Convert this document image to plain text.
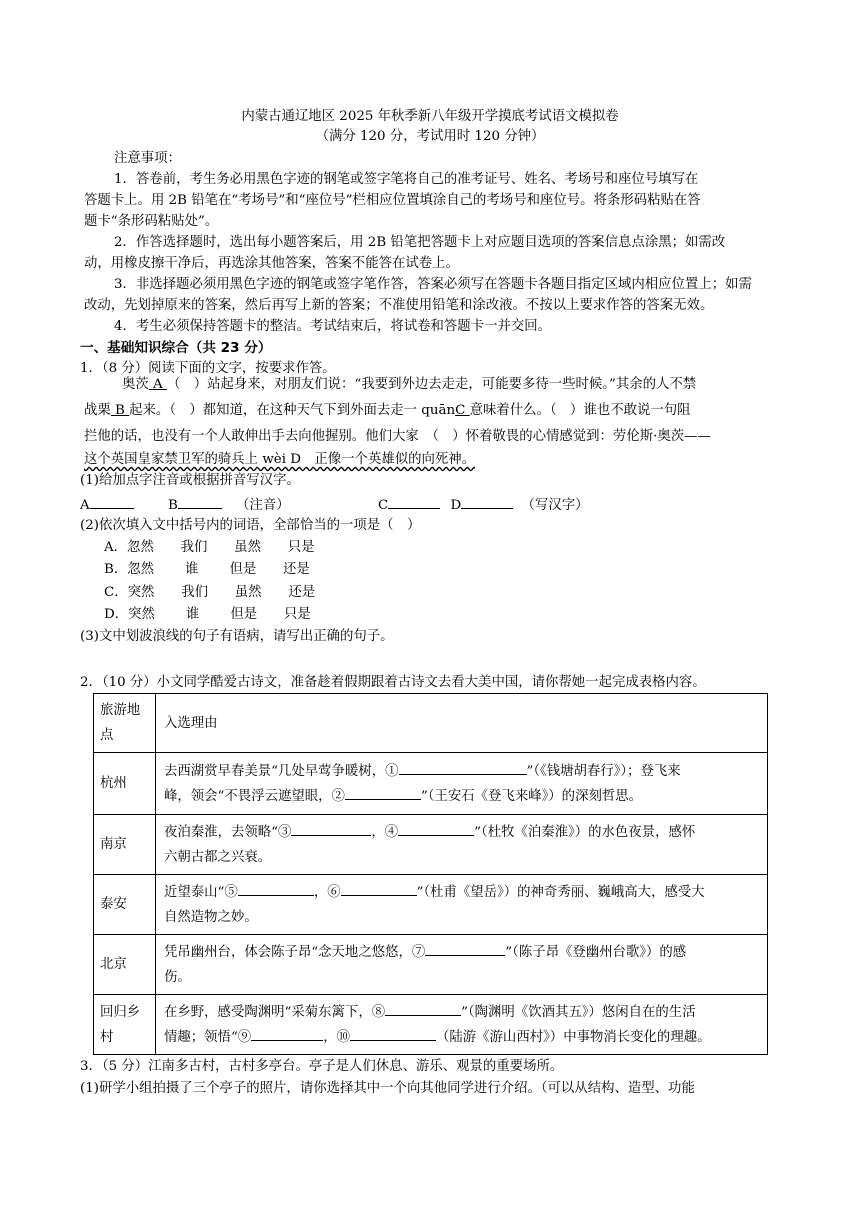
内蒙古通辽地区 2025 年秋季新八年级开学摸底考试语文模拟卷
（满分 120 分，考试用时 120 分钟）
注意事项：
1．答卷前，考生务必用黑色字迹的钢笔或签字笔将自己的准考证号、姓名、考场号和座位号填写在
答题卡上。用 2B 铅笔在“考场号”和“座位号”栏相应位置填涂自己的考场号和座位号。将条形码粘贴在答
题卡“条形码粘贴处”。
2．作答选择题时，选出每小题答案后，用 2B 铅笔把答题卡上对应题目选项的答案信息点涂黑；如需改
动，用橡皮擦干净后，再选涂其他答案，答案不能答在试卷上。
3．非选择题必须用黑色字迹的钢笔或签字笔作答，答案必须写在答题卡各题目指定区域内相应位置上；如需
改动，先划掉原来的答案，然后再写上新的答案；不准使用铅笔和涂改液。不按以上要求作答的答案无效。
4．考生必须保持答题卡的整洁。考试结束后，将试卷和答题卡一并交回。
一、基础知识综合（共 23 分）
1．（8 分）阅读下面的文字，按要求作答。
奥茨 A （　）站起身来，对朋友们说：“我要到外边去走走，可能要多待一些时候。”其余的人不禁
战栗 B 起来。（　）都知道，在这种天气下到外面去走一 quānC 意味着什么。（　）谁也不敢说一句阻
拦他的话，也没有一个人敢伸出手去向他握别。他们大家　（　）怀着敬畏的心情感觉到：劳伦斯·奥茨——
这个英国皇家禁卫军的骑兵上 wèi D　正像一个英雄似的向死神。
(1)给加点字注音或根据拼音写汉字。
A	B	（注音）	C	D	（写汉字）
(2)依次填入文中括号内的词语，全部恰当的一项是（　）
A．忽然　　我们　　虽然　　只是
B．忽然　　 谁　　 但是　　还是
C．突然　　我们　　虽然　　还是
D．突然　　 谁　　 但是　　只是
(3)文中划波浪线的句子有语病，请写出正确的句子。
2．（10 分）小文同学酷爱古诗文，准备趁着假期跟着古诗文去看大美中国，请你帮她一起完成表格内容。
旅游地
点	入选理由
杭州	去西湖赏早春美景“几处早莺争暖树，① ”（《钱塘胡春行》）；登飞来
峰，领会“不畏浮云遮望眼，② ”（王安石《登飞来峰》）的深刻哲思。

南京	夜泊秦淮，去领略“③ ，④ ”（杜牧《泊秦淮》）的水色夜景，感怀
六朝古都之兴衰。

泰安	近望泰山“⑤ ，⑥ ”（杜甫《望岳》）的神奇秀丽、巍峨高大，感受大
自然造物之妙。

北京	凭吊幽州台，体会陈子昂“念天地之悠悠，⑦ ”（陈子昂《登幽州台歌》）的感
伤。

回归乡
村	在乡野，感受陶渊明“采菊东篱下，⑧ ”（陶渊明《饮酒其五》）悠闲自在的生活
情趣；领悟“⑨ ，⑩ （陆游《游山西村》）中事物消长变化的理趣。
3．（5 分）江南多古村，古村多亭台。亭子是人们休息、游乐、观景的重要场所。
(1)研学小组拍摄了三个亭子的照片，请你选择其中一个向其他同学进行介绍。（可以从结构、造型、功能
